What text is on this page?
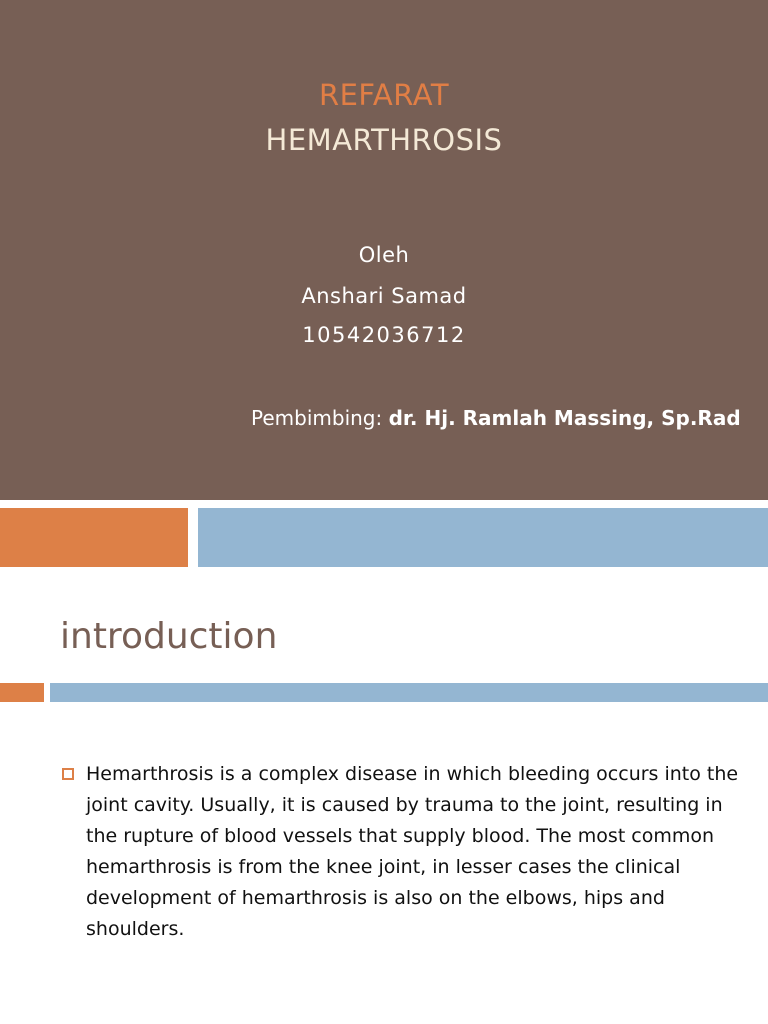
REFARAT
HEMARTHROSIS
Oleh
Anshari Samad
10542036712
Pembimbing: dr. Hj. Ramlah Massing, Sp.Rad
introduction
Hemarthrosis is a complex disease in which bleeding occurs into the joint cavity. Usually, it is caused by trauma to the joint, resulting in the rupture of blood vessels that supply blood. The most common hemarthrosis is from the knee joint, in lesser cases the clinical development of hemarthrosis is also on the elbows, hips and shoulders.
